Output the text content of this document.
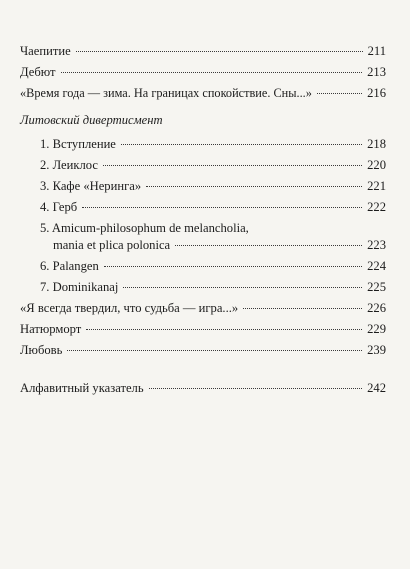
Чаепитие	211
Дебют	213
«Время года — зима. На границах спокойствие. Сны...»	216
Литовский дивертисмент
1. Вступление	218
2. Леиклос	220
3. Кафе «Неринга»	221
4. Герб	222
5. Amicum-philosophum de melancholia,
mania et plica polonica	223
6. Palangen	224
7. Dominikanaj	225
«Я всегда твердил, что судьба — игра...»	226
Натюрморт	229
Любовь	239
Алфавитный указатель	242
